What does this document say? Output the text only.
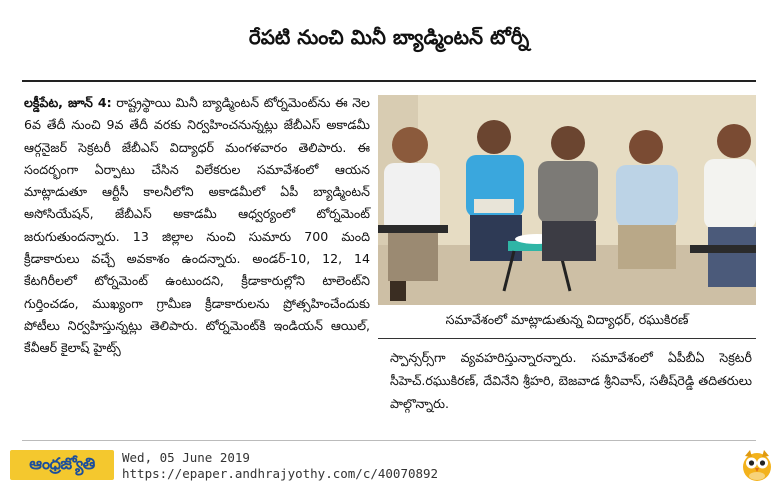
రేపటి నుంచి మినీ బ్యాడ్మింటన్ టోర్నీ
లక్డీపేట, జూన్ 4: రాష్ట్రస్థాయి మినీ బ్యాడ్మింటన్ టోర్నమెంట్‌ను ఈ నెల 6వ తేదీ నుంచి 9వ తేదీ వరకు నిర్వహించనున్నట్లు జేబీఎస్ అకాడమీ ఆర్గనైజర్ సెక్రటరీ జేబీఎస్ విద్యాధర్ మంగళవారం తెలిపారు. ఈ సందర్భంగా ఏర్పాటు చేసిన విలేకరుల సమావేశంలో ఆయన మాట్లాడుతూ ఆర్టీసీ కాలనీలోని అకాడమీలో ఏపీ బ్యాడ్మింటన్ అసోసియేషన్, జేబీఎస్ అకాడమీ ఆధ్వర్యంలో టోర్నమెంట్ జరుగుతుందన్నారు. 13 జిల్లాల నుంచి సుమారు 700 మంది క్రీడాకారులు వచ్చే అవకాశం ఉందన్నారు. అండర్-10, 12, 14 కేటగిరీలలో టోర్నమెంట్ ఉంటుందని, క్రీడాకారుల్లోని టాలెంట్‌ని గుర్తించడం, ముఖ్యంగా గ్రామీణ క్రీడాకారులను ప్రోత్సహించేందుకు పోటీలు నిర్వహిస్తున్నట్లు తెలిపారు. టోర్నమెంట్‌కి ఇండియన్ ఆయిల్, కేవీఆర్ కైలాష్ హైట్స్
సమావేశంలో మాట్లాడుతున్న విద్యాధర్, రఘుకిరణ్
స్పాన్సర్స్‌గా వ్యవహరిస్తున్నారన్నారు. సమావేశంలో ఏపీబీఏ సెక్రటరీ సీహెచ్.రఘుకిరణ్, దేవినేని శ్రీహరి, బెజవాడ శ్రీనివాస్, సతీష్‌రెడ్డి తదితరులు పాల్గొన్నారు.
ఆంధ్రజ్యోతి	Wed, 05 June 2019
https://epaper.andhrajyothy.com/c/40070892
